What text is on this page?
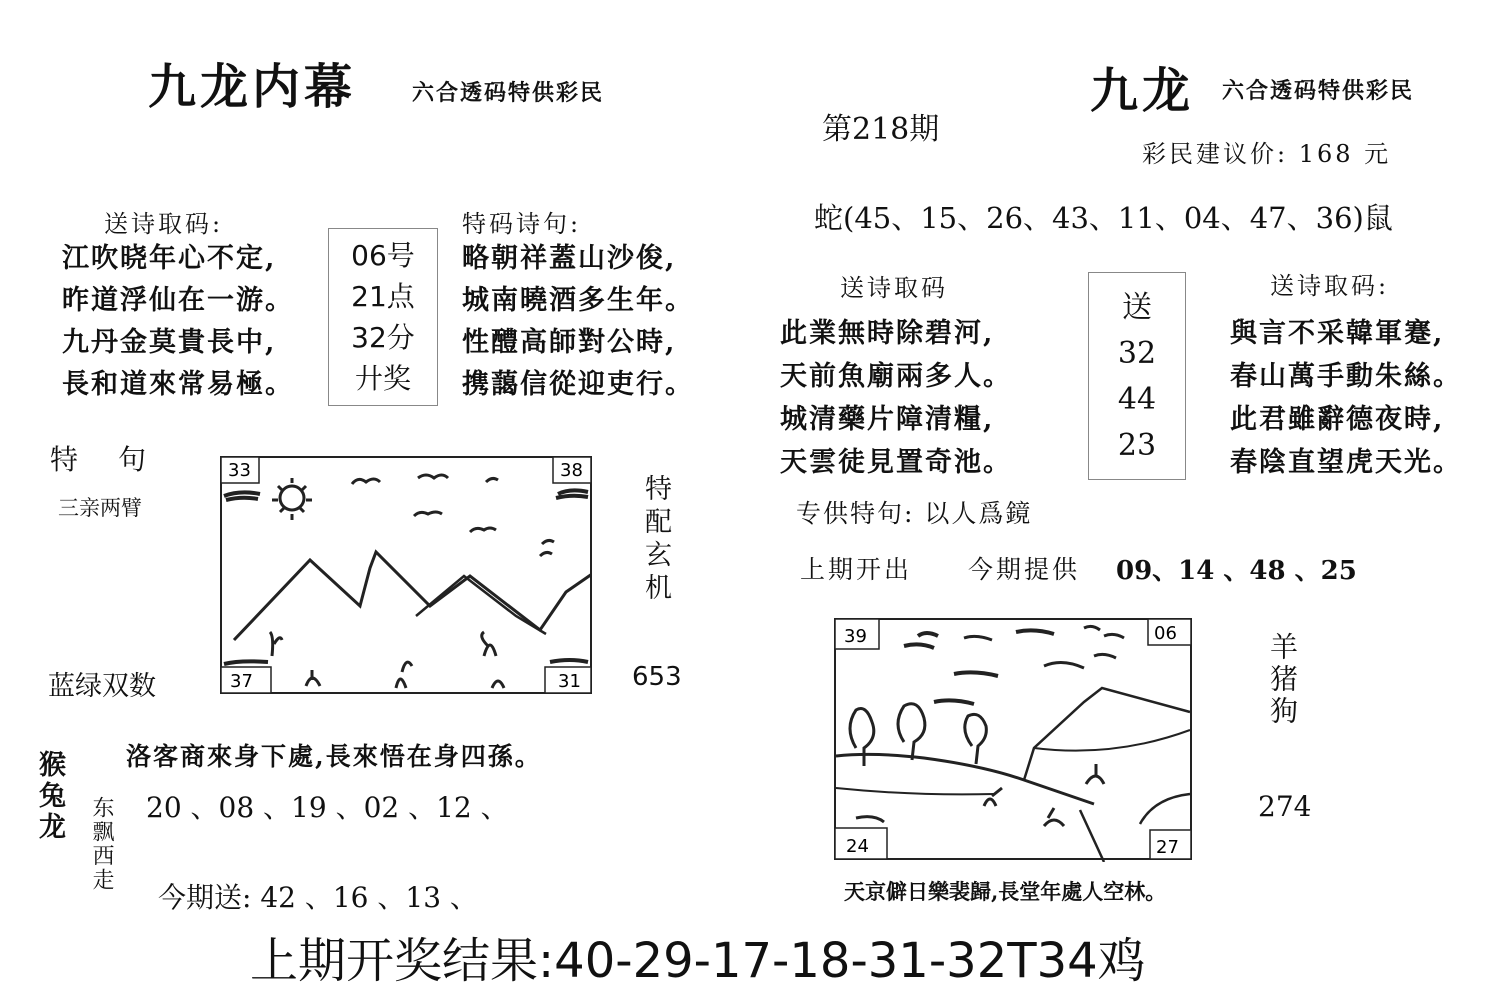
九龙内幕	六合透码特供彩民
送诗取码:
江吹晓年心不定,
昨道浮仙在一游。
九丹金莫貴長中,
長和道來常易極。
06号
21点
32分
廾奖
特码诗句:
略朝祥蓋山沙俊,
城南曉酒多生年。
性醴高師對公時,
携藹信從迎吏行。
特　句
三亲两臂
蓝绿双数
33	38
37	31
特配玄机
653
洛客商來身下處,長來悟在身四孫。
猴兔龙 东飘西走 20 、08 、19 、02 、12 、
今期送: 42 、16 、13 、
九龙 六合透码特供彩民
第218期
彩民建议价: 168 元
蛇(45、15、26、43、11、04、47、36)鼠
送诗取码
此業無時除碧河,
天前魚廟兩多人。
城清藥片障清糧,
天雲徒見置奇池。
送
32
44
23
送诗取码:
與言不采韓軍蹇,
春山萬手動朱絲。
此君雖辭德夜時,
春陰直望虎天光。
专供特句: 以人爲鏡
上期开出 今期提供 09、14 、48 、25
39	06
24	27
羊猪狗
274
天京僻日樂裴歸,長堂年處人空林。
上期开奖结果:40-29-17-18-31-32T34鸡
